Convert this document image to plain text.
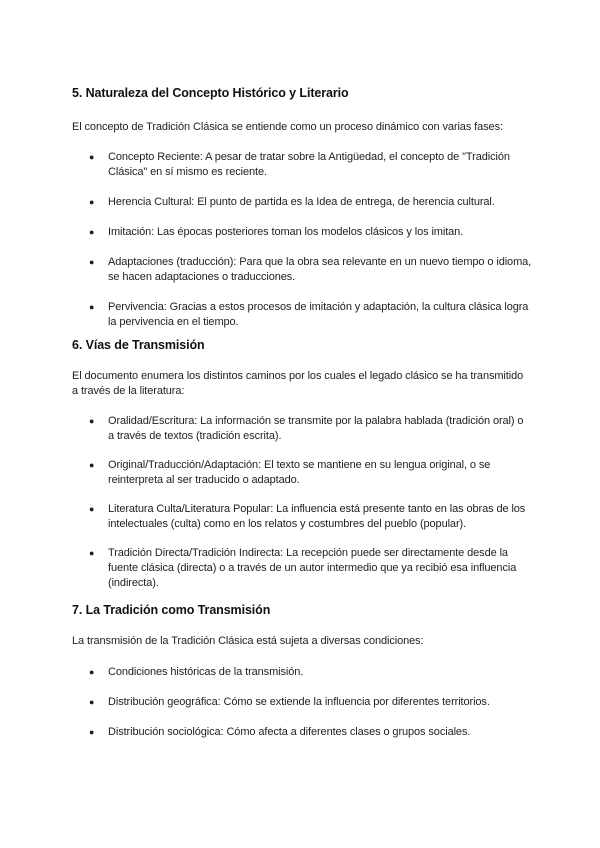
5. Naturaleza del Concepto Histórico y Literario

El concepto de Tradición Clásica se entiende como un proceso dinámico con varias fases:

● Concepto Reciente: A pesar de tratar sobre la Antigüedad, el concepto de "Tradición Clásica" en sí mismo es reciente.
● Herencia Cultural: El punto de partida es la Idea de entrega, de herencia cultural.
● Imitación: Las épocas posteriores toman los modelos clásicos y los imitan.
● Adaptaciones (traducción): Para que la obra sea relevante en un nuevo tiempo o idioma, se hacen adaptaciones o traducciones.
● Pervivencia: Gracias a estos procesos de imitación y adaptación, la cultura clásica logra la pervivencia en el tiempo.
6. Vías de Transmisión

El documento enumera los distintos caminos por los cuales el legado clásico se ha transmitido a través de la literatura:

● Oralidad/Escritura: La información se transmite por la palabra hablada (tradición oral) o a través de textos (tradición escrita).
● Original/Traducción/Adaptación: El texto se mantiene en su lengua original, o se reinterpreta al ser traducido o adaptado.
● Literatura Culta/Literatura Popular: La influencia está presente tanto en las obras de los intelectuales (culta) como en los relatos y costumbres del pueblo (popular).
● Tradición Directa/Tradición Indirecta: La recepción puede ser directamente desde la fuente clásica (directa) o a través de un autor intermedio que ya recibió esa influencia (indirecta).
7. La Tradición como Transmisión

La transmisión de la Tradición Clásica está sujeta a diversas condiciones:

● Condiciones históricas de la transmisión.
● Distribución geográfica: Cómo se extiende la influencia por diferentes territorios.
● Distribución sociológica: Cómo afecta a diferentes clases o grupos sociales.
